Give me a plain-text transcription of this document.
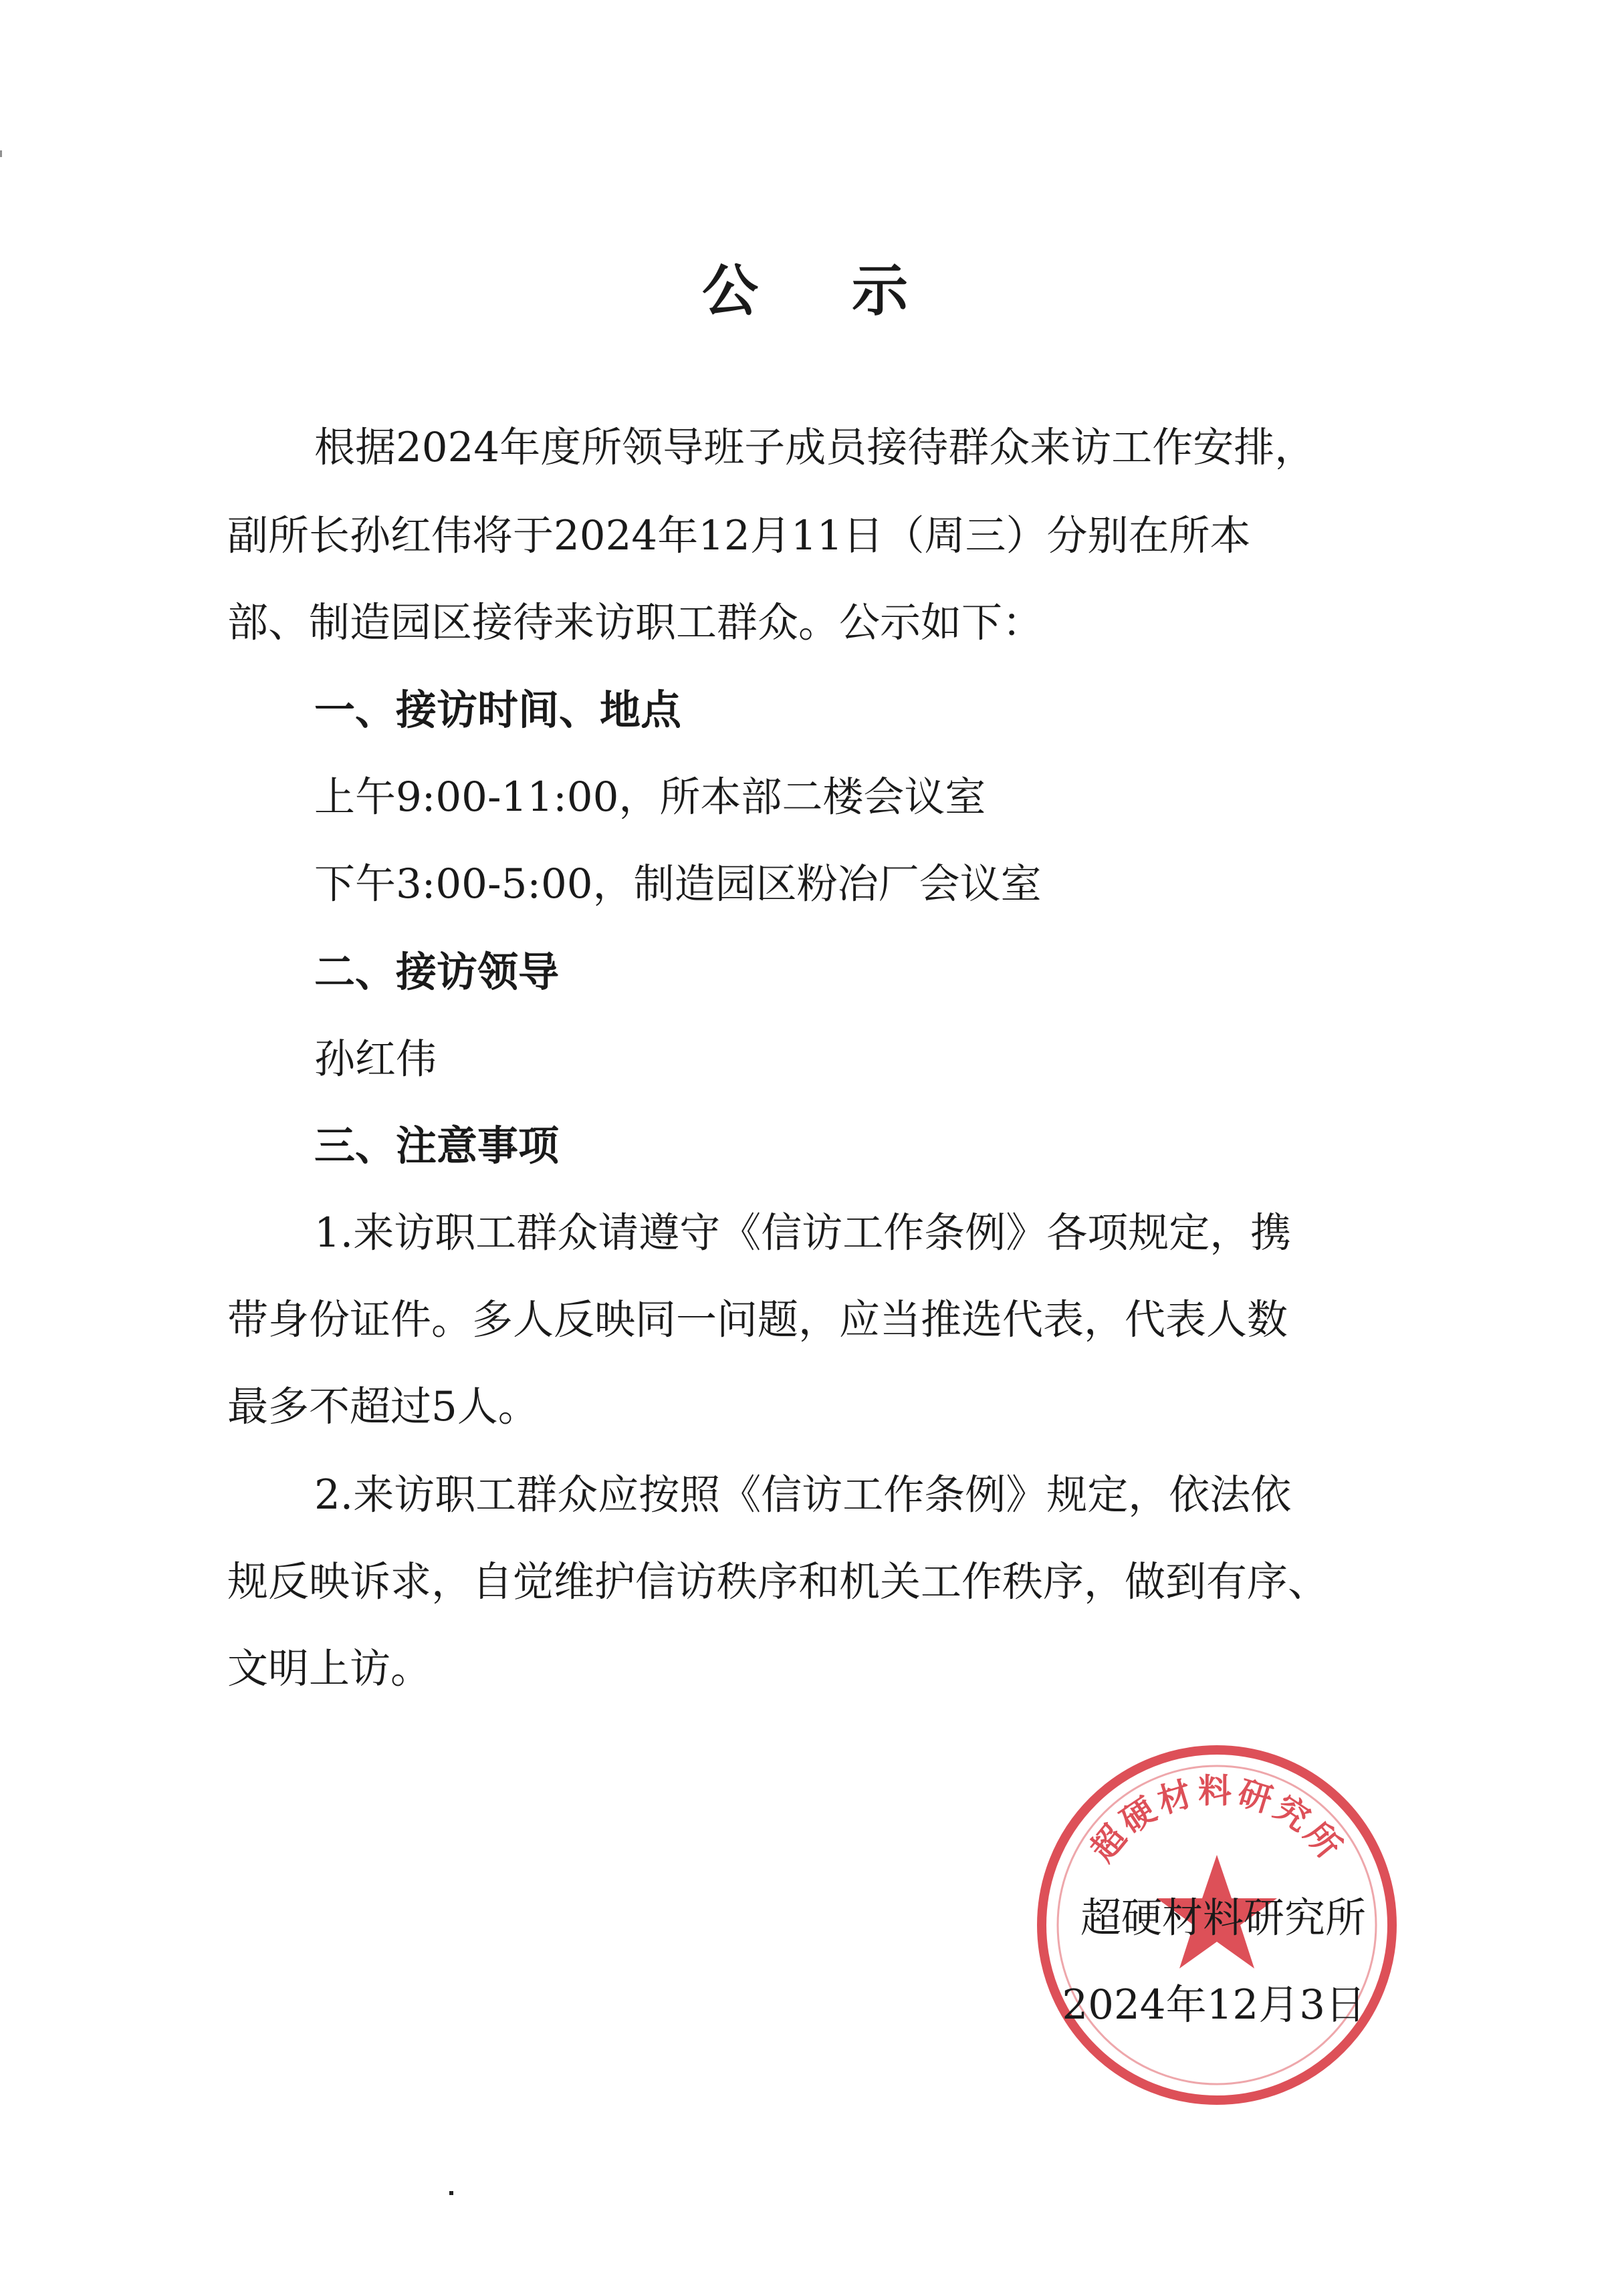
公示
根据2024年度所领导班子成员接待群众来访工作安排，
副所长孙红伟将于2024年12月11日（周三）分别在所本
部、制造园区接待来访职工群众。公示如下：
一、接访时间、地点
上午9:00-11:00，所本部二楼会议室
下午3:00-5:00，制造园区粉冶厂会议室
二、接访领导
孙红伟
三、注意事项
1.来访职工群众请遵守《信访工作条例》各项规定，携
带身份证件。多人反映同一问题，应当推选代表，代表人数
最多不超过5人。
2.来访职工群众应按照《信访工作条例》规定，依法依
规反映诉求，自觉维护信访秩序和机关工作秩序，做到有序、
文明上访。
超硬材料研究所
超硬材料研究所
2024年12月3日
